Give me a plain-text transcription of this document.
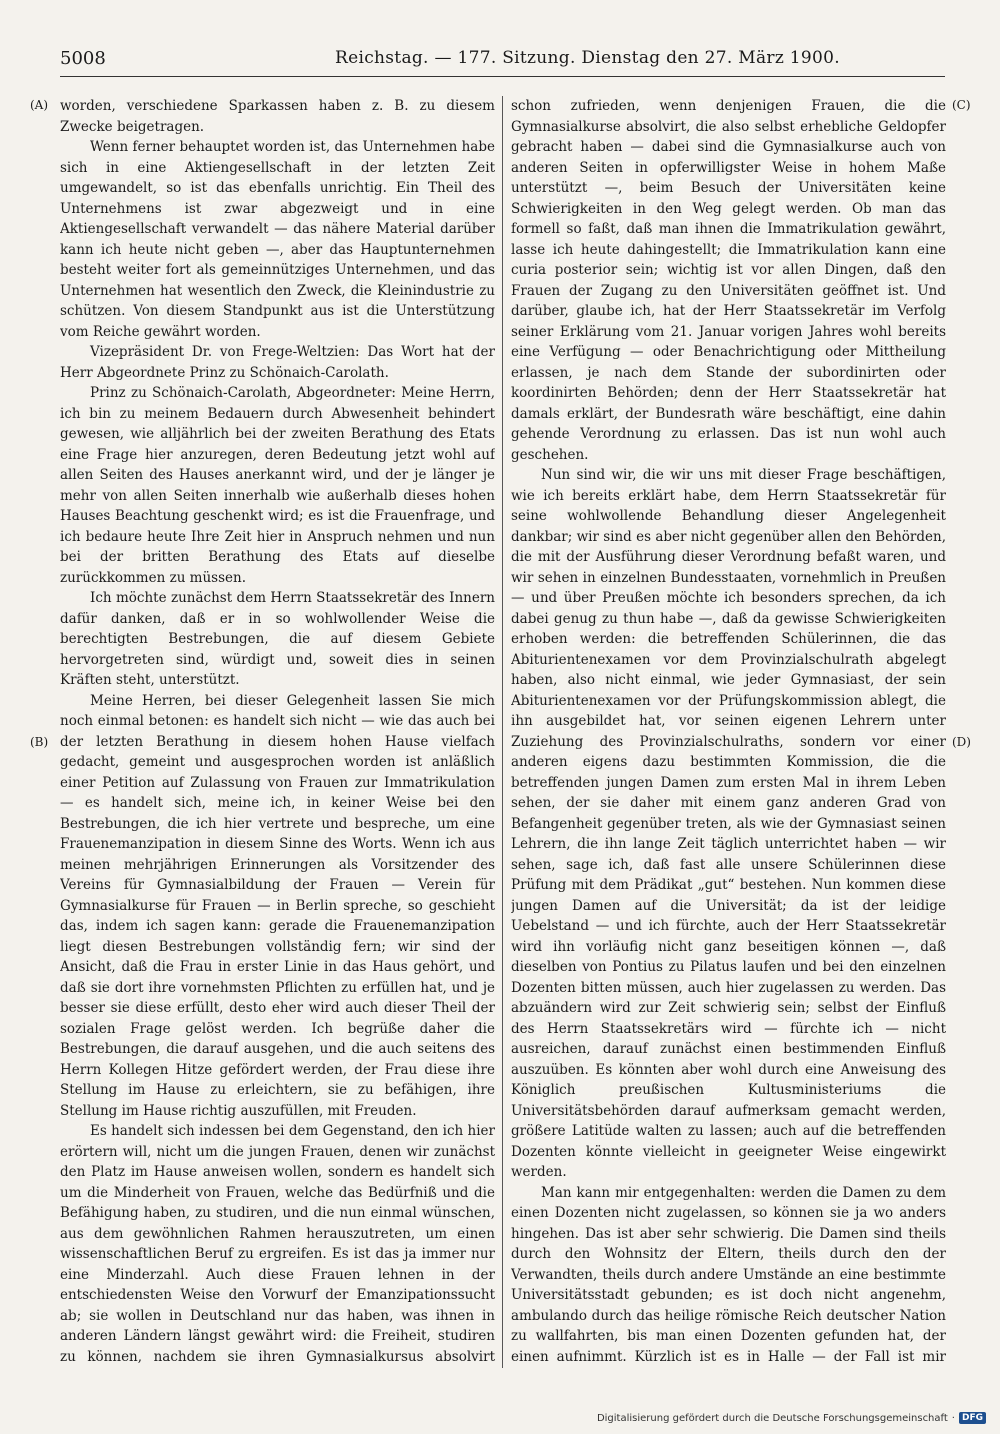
5008	Reichstag. — 177. Sitzung. Dienstag den 27. März 1900.
(A)
(B)
(C)
(D)

worden, verschiedene Sparkassen haben z. B. zu diesem Zwecke beigetragen.

Wenn ferner behauptet worden ist, das Unternehmen habe sich in eine Aktiengesellschaft in der letzten Zeit umgewandelt, so ist das ebenfalls unrichtig. Ein Theil des Unternehmens ist zwar abgezweigt und in eine Aktiengesellschaft verwandelt — das nähere Material darüber kann ich heute nicht geben —, aber das Hauptunternehmen besteht weiter fort als gemeinnütziges Unternehmen, und das Unternehmen hat wesentlich den Zweck, die Kleinindustrie zu schützen. Von diesem Standpunkt aus ist die Unterstützung vom Reiche gewährt worden.

Vizepräsident Dr. von Frege-Weltzien: Das Wort hat der Herr Abgeordnete Prinz zu Schönaich-Carolath.

Prinz zu Schönaich-Carolath, Abgeordneter: Meine Herrn, ich bin zu meinem Bedauern durch Abwesenheit behindert gewesen, wie alljährlich bei der zweiten Berathung des Etats eine Frage hier anzuregen, deren Bedeutung jetzt wohl auf allen Seiten des Hauses anerkannt wird, und der je länger je mehr von allen Seiten innerhalb wie außerhalb dieses hohen Hauses Beachtung geschenkt wird; es ist die Frauenfrage, und ich bedaure heute Ihre Zeit hier in Anspruch nehmen und nun bei der britten Berathung des Etats auf dieselbe zurückkommen zu müssen.

Ich möchte zunächst dem Herrn Staatssekretär des Innern dafür danken, daß er in so wohlwollender Weise die berechtigten Bestrebungen, die auf diesem Gebiete hervorgetreten sind, würdigt und, soweit dies in seinen Kräften steht, unterstützt.

Meine Herren, bei dieser Gelegenheit lassen Sie mich noch einmal betonen: es handelt sich nicht — wie das auch bei der letzten Berathung in diesem hohen Hause vielfach gedacht, gemeint und ausgesprochen worden ist anläßlich einer Petition auf Zulassung von Frauen zur Immatrikulation — es handelt sich, meine ich, in keiner Weise bei den Bestrebungen, die ich hier vertrete und bespreche, um eine Frauenemanzipation in diesem Sinne des Worts. Wenn ich aus meinen mehrjährigen Erinnerungen als Vorsitzender des Vereins für Gymnasialbildung der Frauen — Verein für Gymnasialkurse für Frauen — in Berlin spreche, so geschieht das, indem ich sagen kann: gerade die Frauenemanzipation liegt diesen Bestrebungen vollständig fern; wir sind der Ansicht, daß die Frau in erster Linie in das Haus gehört, und daß sie dort ihre vornehmsten Pflichten zu erfüllen hat, und je besser sie diese erfüllt, desto eher wird auch dieser Theil der sozialen Frage gelöst werden. Ich begrüße daher die Bestrebungen, die darauf ausgehen, und die auch seitens des Herrn Kollegen Hitze gefördert werden, der Frau diese ihre Stellung im Hause zu erleichtern, sie zu befähigen, ihre Stellung im Hause richtig auszufüllen, mit Freuden.

Es handelt sich indessen bei dem Gegenstand, den ich hier erörtern will, nicht um die jungen Frauen, denen wir zunächst den Platz im Hause anweisen wollen, sondern es handelt sich um die Minderheit von Frauen, welche das Bedürfniß und die Befähigung haben, zu studiren, und die nun einmal wünschen, aus dem gewöhnlichen Rahmen herauszutreten, um einen wissenschaftlichen Beruf zu ergreifen. Es ist das ja immer nur eine Minderzahl. Auch diese Frauen lehnen in der entschiedensten Weise den Vorwurf der Emanzipationssucht ab; sie wollen in Deutschland nur das haben, was ihnen in anderen Ländern längst gewährt wird: die Freiheit, studiren zu können, nachdem sie ihren Gymnasialkursus absolvirt

schon zufrieden, wenn denjenigen Frauen, die die Gymnasialkurse absolvirt, die also selbst erhebliche Geldopfer gebracht haben — dabei sind die Gymnasialkurse auch von anderen Seiten in opferwilligster Weise in hohem Maße unterstützt —, beim Besuch der Universitäten keine Schwierigkeiten in den Weg gelegt werden. Ob man das formell so faßt, daß man ihnen die Immatrikulation gewährt, lasse ich heute dahingestellt; die Immatrikulation kann eine curia posterior sein; wichtig ist vor allen Dingen, daß den Frauen der Zugang zu den Universitäten geöffnet ist. Und darüber, glaube ich, hat der Herr Staatssekretär im Verfolg seiner Erklärung vom 21. Januar vorigen Jahres wohl bereits eine Verfügung — oder Benachrichtigung oder Mittheilung erlassen, je nach dem Stande der subordinirten oder koordinirten Behörden; denn der Herr Staatssekretär hat damals erklärt, der Bundesrath wäre beschäftigt, eine dahin gehende Verordnung zu erlassen. Das ist nun wohl auch geschehen.

Nun sind wir, die wir uns mit dieser Frage beschäftigen, wie ich bereits erklärt habe, dem Herrn Staatssekretär für seine wohlwollende Behandlung dieser Angelegenheit dankbar; wir sind es aber nicht gegenüber allen den Behörden, die mit der Ausführung dieser Verordnung befaßt waren, und wir sehen in einzelnen Bundesstaaten, vornehmlich in Preußen — und über Preußen möchte ich besonders sprechen, da ich dabei genug zu thun habe —, daß da gewisse Schwierigkeiten erhoben werden: die betreffenden Schülerinnen, die das Abiturientenexamen vor dem Provinzialschulrath abgelegt haben, also nicht einmal, wie jeder Gymnasiast, der sein Abiturientenexamen vor der Prüfungskommission ablegt, die ihn ausgebildet hat, vor seinen eigenen Lehrern unter Zuziehung des Provinzialschulraths, sondern vor einer anderen eigens dazu bestimmten Kommission, die die betreffenden jungen Damen zum ersten Mal in ihrem Leben sehen, der sie daher mit einem ganz anderen Grad von Befangenheit gegenüber treten, als wie der Gymnasiast seinen Lehrern, die ihn lange Zeit täglich unterrichtet haben — wir sehen, sage ich, daß fast alle unsere Schülerinnen diese Prüfung mit dem Prädikat „gut“ bestehen. Nun kommen diese jungen Damen auf die Universität; da ist der leidige Uebelstand — und ich fürchte, auch der Herr Staatssekretär wird ihn vorläufig nicht ganz beseitigen können —, daß dieselben von Pontius zu Pilatus laufen und bei den einzelnen Dozenten bitten müssen, auch hier zugelassen zu werden. Das abzuändern wird zur Zeit schwierig sein; selbst der Einfluß des Herrn Staatssekretärs wird — fürchte ich — nicht ausreichen, darauf zunächst einen bestimmenden Einfluß auszuüben. Es könnten aber wohl durch eine Anweisung des Königlich preußischen Kultusministeriums die Universitätsbehörden darauf aufmerksam gemacht werden, größere Latitüde walten zu lassen; auch auf die betreffenden Dozenten könnte vielleicht in geeigneter Weise eingewirkt werden.

Man kann mir entgegenhalten: werden die Damen zu dem einen Dozenten nicht zugelassen, so können sie ja wo anders hingehen. Das ist aber sehr schwierig. Die Damen sind theils durch den Wohnsitz der Eltern, theils durch den der Verwandten, theils durch andere Umstände an eine bestimmte Universitätsstadt gebunden; es ist doch nicht angenehm, ambulando durch das heilige römische Reich deutscher Nation zu wallfahrten, bis man einen Dozenten gefunden hat, der einen aufnimmt. Kürzlich ist es in Halle — der Fall ist mir

Digitalisierung gefördert durch die Deutsche Forschungsgemeinschaft · DFG
